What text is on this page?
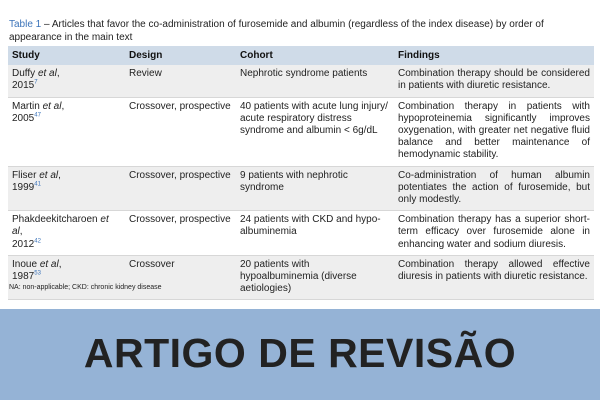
Table 1 – Articles that favor the co-administration of furosemide and albumin (regardless of the index disease) by order of appearance in the main text
Study	Design	Cohort	Findings
Duffy et al,
2015$^7$	Review	Nephrotic syndrome patients	Combination therapy should be considered in patients with diuretic resistance.
Martin et al,
2005$^{47}$	Crossover, prospective	40 patients with acute lung injury/ acute respiratory distress syndrome and albumin < 6g/dL	Combination therapy in patients with hypoproteinemia significantly improves oxygenation, with greater net negative fluid balance and better maintenance of hemodynamic stability.
Fliser et al,
1999$^{41}$	Crossover, prospective	9 patients with nephrotic syndrome	Co-administration of human albumin potentiates the action of furosemide, but only modestly.
Phakdeekitcharoen et al,
2012$^{42}$	Crossover, prospective	24 patients with CKD and hypo-albuminemia	Combination therapy has a superior short-term efficacy over furosemide alone in enhancing water and sodium diuresis.
Inoue et al,
1987$^{53}$	Crossover	20 patients with hypoalbuminemia (diverse aetiologies)	Combination therapy allowed effective diuresis in patients with diuretic resistance.
NA: non-applicable; CKD: chronic kidney disease
ARTIGO DE REVISÃO
